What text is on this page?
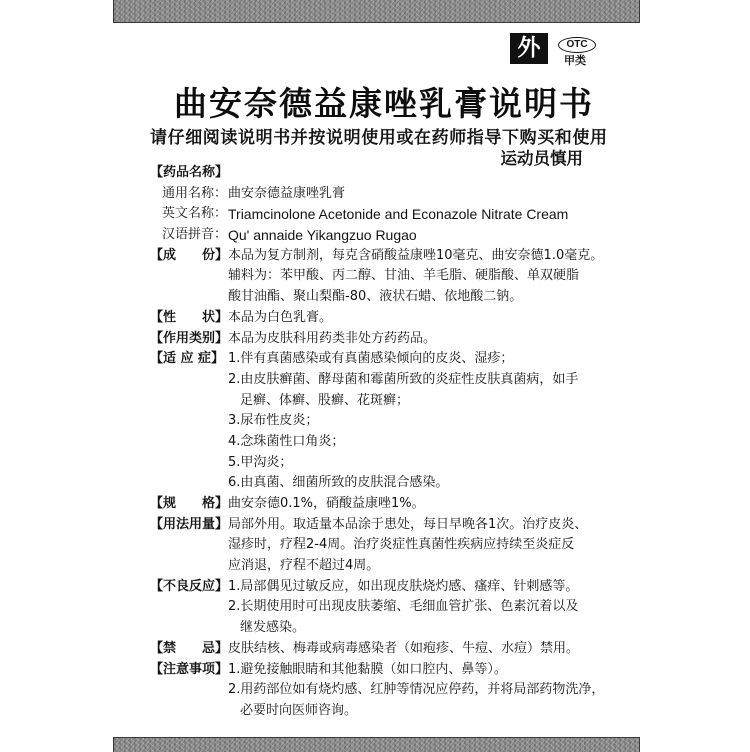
外	OTC
甲类
曲安奈德益康唑乳膏说明书
请仔细阅读说明书并按说明使用或在药师指导下购买和使用
运动员慎用
【药品名称】
通用名称： 曲安奈德益康唑乳膏
英文名称： Triamcinolone Acetonide and Econazole Nitrate Cream
汉语拼音： Qu' annaide Yikangzuo Rugao
【成　　份】 本品为复方制剂，每克含硝酸益康唑10毫克、曲安奈德1.0毫克。
辅料为：苯甲酸、丙二醇、甘油、羊毛脂、硬脂酸、单双硬脂
酸甘油酯、聚山梨酯-80、液状石蜡、依地酸二钠。
【性　　状】 本品为白色乳膏。
【作用类别】 本品为皮肤科用药类非处方药药品。
【适 应 症】 1.伴有真菌感染或有真菌感染倾向的皮炎、湿疹；
2.由皮肤癣菌、酵母菌和霉菌所致的炎症性皮肤真菌病，如手
足癣、体癣、股癣、花斑癣；
3.尿布性皮炎；
4.念珠菌性口角炎；
5.甲沟炎；
6.由真菌、细菌所致的皮肤混合感染。
【规　　格】 曲安奈德0.1%，硝酸益康唑1%。
【用法用量】 局部外用。取适量本品涂于患处，每日早晚各1次。治疗皮炎、
湿疹时，疗程2-4周。治疗炎症性真菌性疾病应持续至炎症反
应消退，疗程不超过4周。
【不良反应】 1.局部偶见过敏反应，如出现皮肤烧灼感、瘙痒、针刺感等。
2.长期使用时可出现皮肤萎缩、毛细血管扩张、色素沉着以及
继发感染。
【禁　　忌】 皮肤结核、梅毒或病毒感染者（如疱疹、牛痘、水痘）禁用。
【注意事项】 1.避免接触眼睛和其他黏膜（如口腔内、鼻等）。
2.用药部位如有烧灼感、红肿等情况应停药，并将局部药物洗净，
必要时向医师咨询。
